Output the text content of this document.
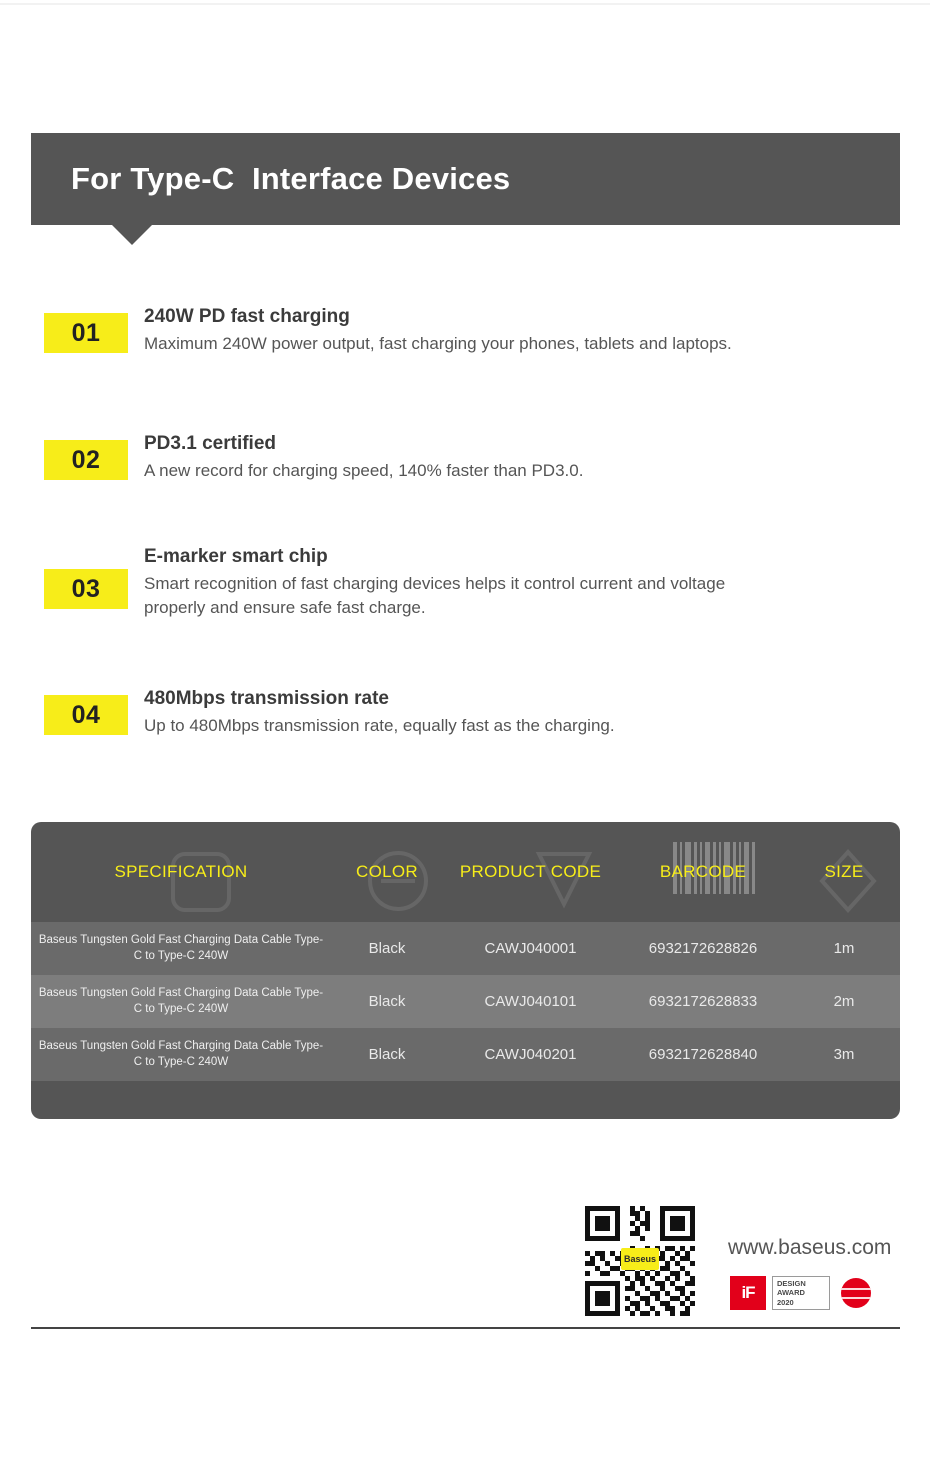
For Type-C  Interface Devices
01

240W PD fast charging

Maximum 240W power output, fast charging your phones, tablets and laptops.

02

PD3.1 certified

A new record for charging speed, 140% faster than PD3.0.

03

E-marker smart chip

Smart recognition of fast charging devices helps it control current and voltage properly and ensure safe fast charge.

04

480Mbps transmission rate

Up to 480Mbps transmission rate, equally fast as the charging.

SPECIFICATION	COLOR	PRODUCT CODE	BARCODE	SIZE
Baseus Tungsten Gold Fast Charging Data Cable Type-C to Type-C 240W	Black	CAWJ040001	6932172628826	1m
Baseus Tungsten Gold Fast Charging Data Cable Type-C to Type-C 240W	Black	CAWJ040101	6932172628833	2m
Baseus Tungsten Gold Fast Charging Data Cable Type-C to Type-C 240W	Black	CAWJ040201	6932172628840	3m
Baseus	www.baseus.com
iF	DESIGN
AWARD
2020
